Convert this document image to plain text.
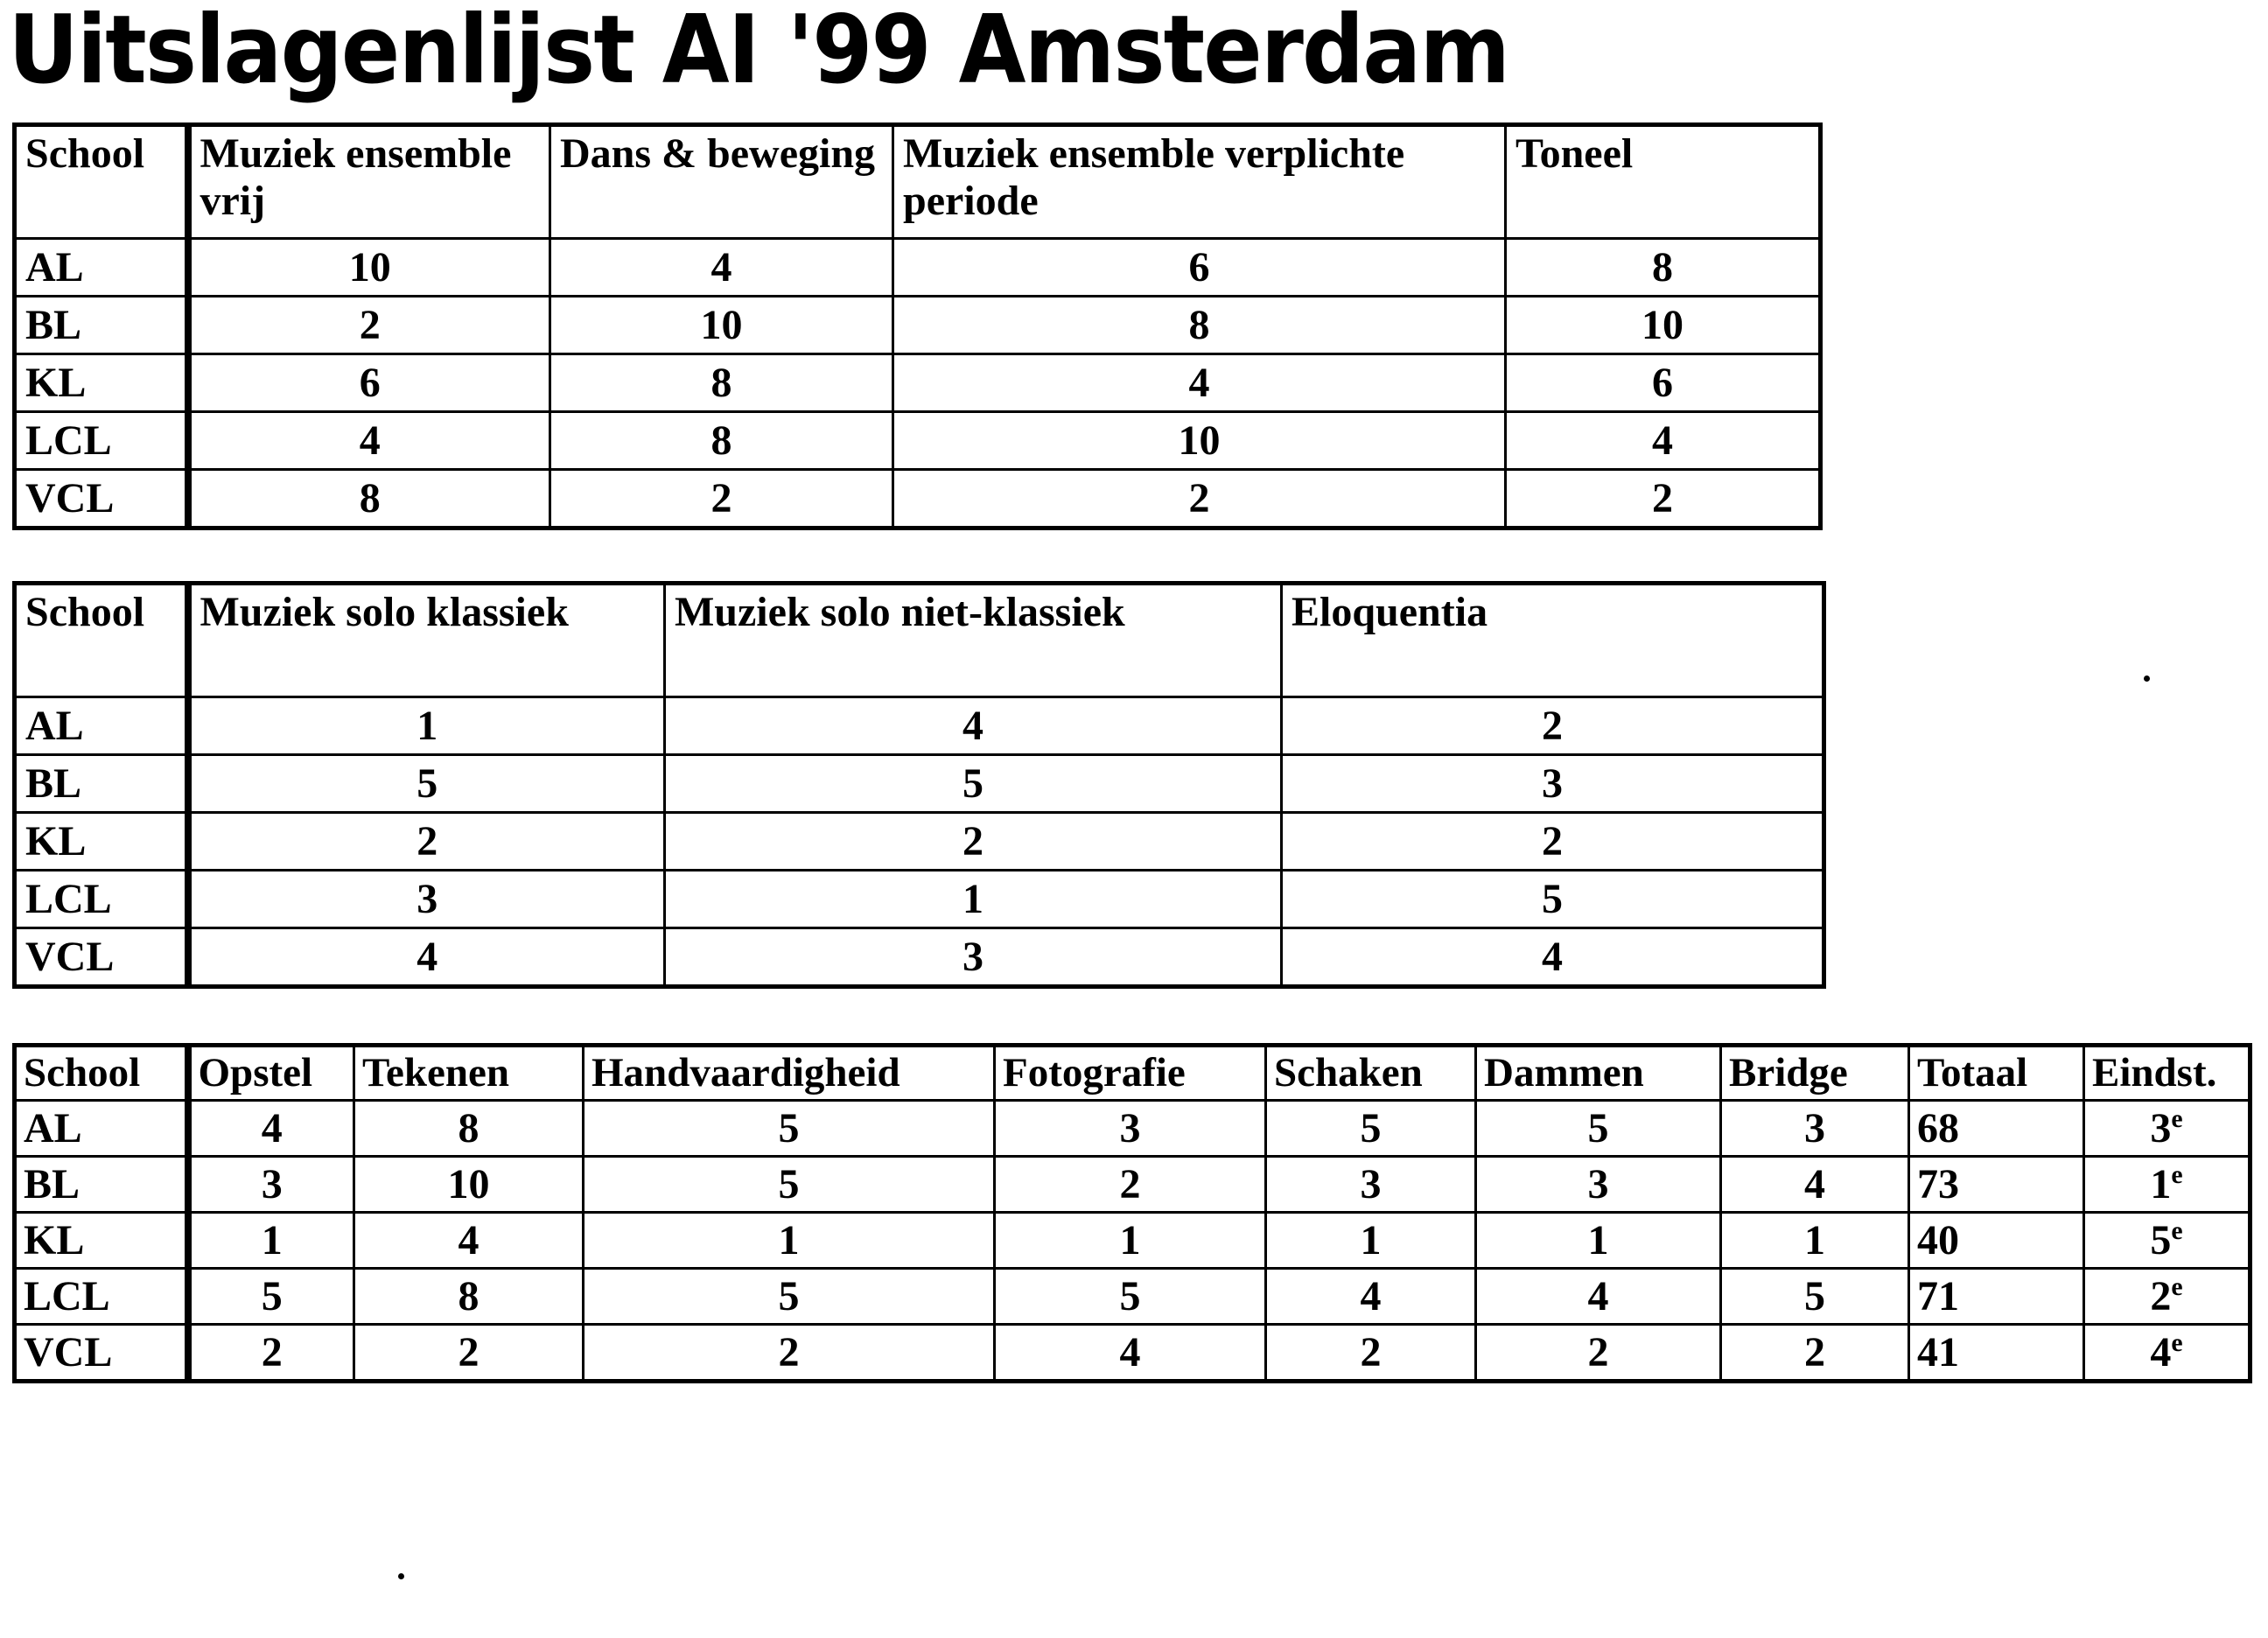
Uitslagenlijst AI '99 Amsterdam
School	Muziek ensemble vrij	Dans & beweging	Muziek ensemble verplichte periode	Toneel
AL	10	4	6	8
BL	2	10	8	10
KL	6	8	4	6
LCL	4	8	10	4
VCL	8	2	2	2
School	Muziek solo klassiek	Muziek solo niet-klassiek	Eloquentia
AL	1	4	2
BL	5	5	3
KL	2	2	2
LCL	3	1	5
VCL	4	3	4
School	Opstel	Tekenen	Handvaardigheid	Fotografie	Schaken	Dammen	Bridge	Totaal	Eindst.
AL	4	8	5	3	5	5	3	68	3e
BL	3	10	5	2	3	3	4	73	1e
KL	1	4	1	1	1	1	1	40	5e
LCL	5	8	5	5	4	4	5	71	2e
VCL	2	2	2	4	2	2	2	41	4e
